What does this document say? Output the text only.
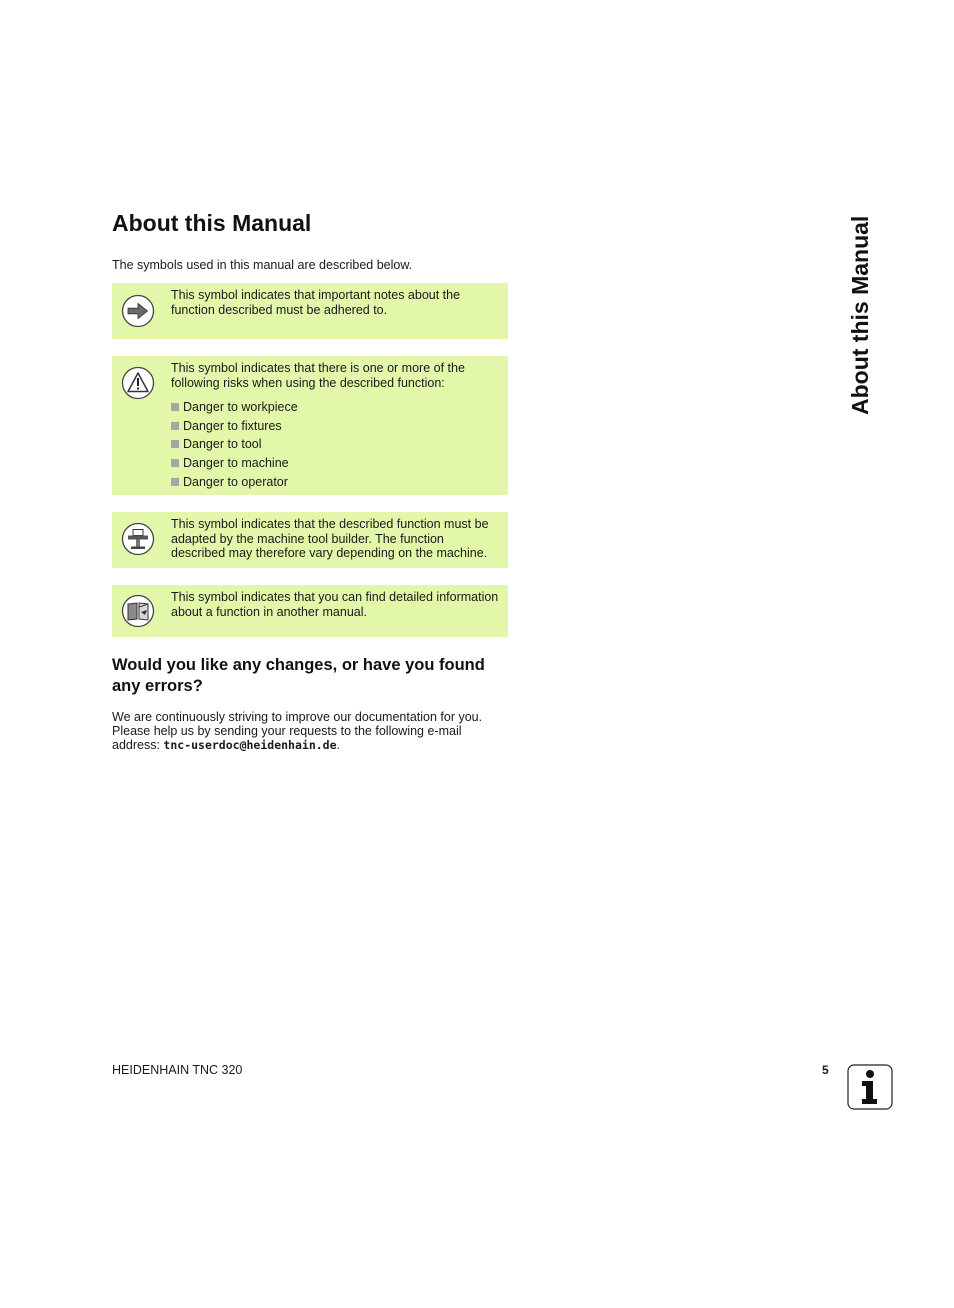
About this Manual

The symbols used in this manual are described below.

This symbol indicates that important notes about the function described must be adhered to.

This symbol indicates that there is one or more of the following risks when using the described function:

Danger to workpiece
Danger to fixtures
Danger to tool
Danger to machine
Danger to operator

This symbol indicates that the described function must be adapted by the machine tool builder. The function described may therefore vary depending on the machine.

This symbol indicates that you can find detailed information about a function in another manual.

Would you like any changes, or have you found any errors?

We are continuously striving to improve our documentation for you. Please help us by sending your requests to the following e-mail address: tnc-userdoc@heidenhain.de.

About this Manual

HEIDENHAIN TNC 320	5
